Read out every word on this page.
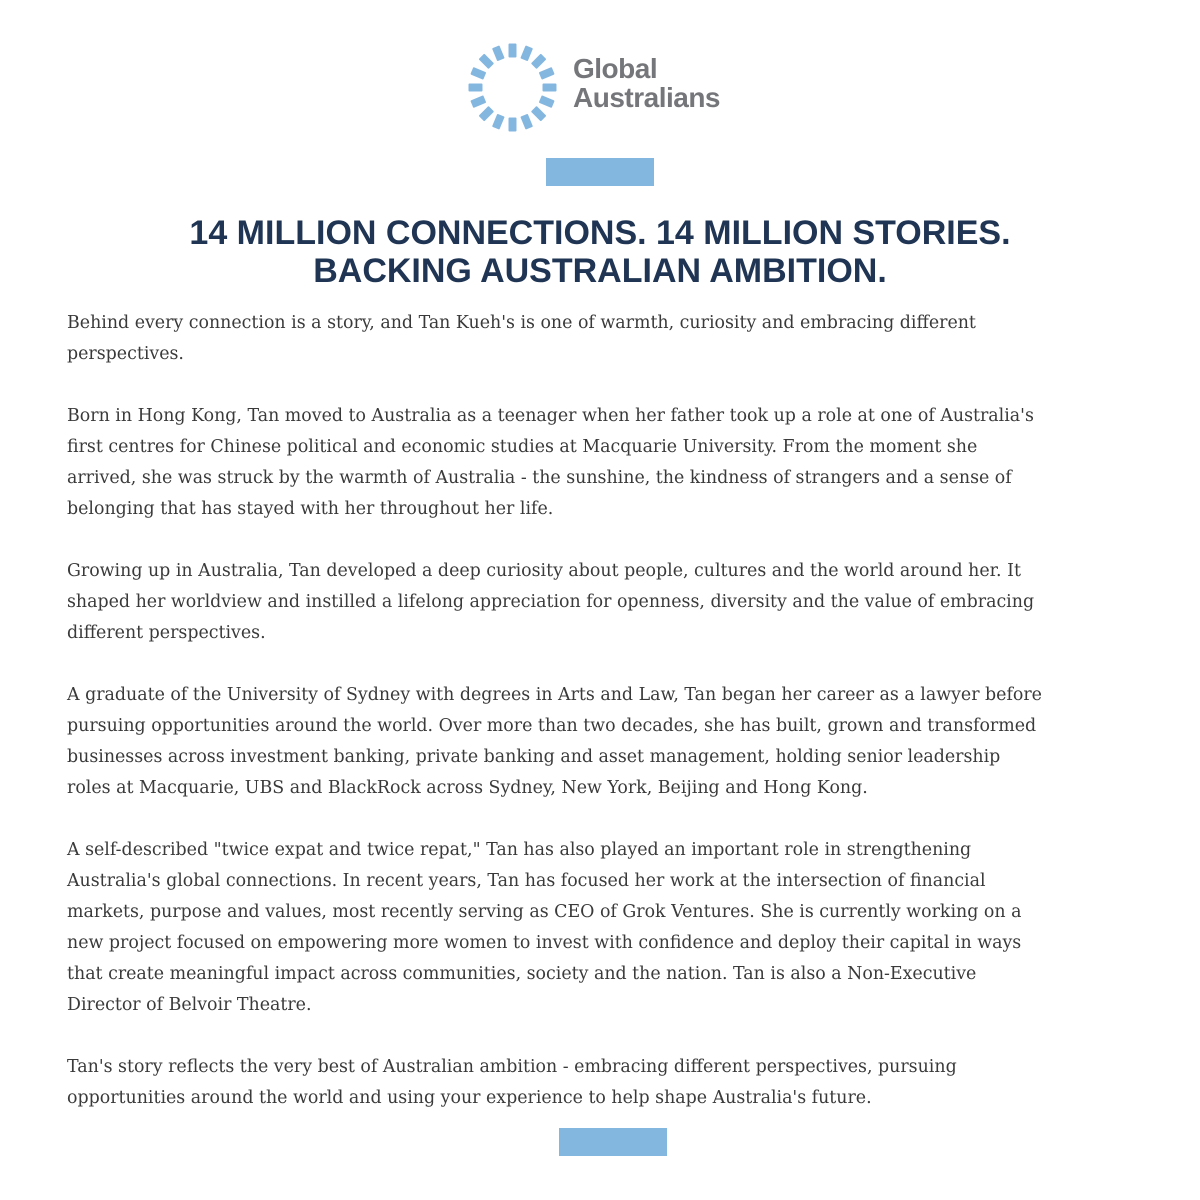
Global
Australians
14 MILLION CONNECTIONS. 14 MILLION STORIES.
BACKING AUSTRALIAN AMBITION.
Behind every connection is a story, and Tan Kueh's is one of warmth, curiosity and embracing different
perspectives.
Born in Hong Kong, Tan moved to Australia as a teenager when her father took up a role at one of Australia's
first centres for Chinese political and economic studies at Macquarie University. From the moment she
arrived, she was struck by the warmth of Australia - the sunshine, the kindness of strangers and a sense of
belonging that has stayed with her throughout her life.
Growing up in Australia, Tan developed a deep curiosity about people, cultures and the world around her. It
shaped her worldview and instilled a lifelong appreciation for openness, diversity and the value of embracing
different perspectives.
A graduate of the University of Sydney with degrees in Arts and Law, Tan began her career as a lawyer before
pursuing opportunities around the world. Over more than two decades, she has built, grown and transformed
businesses across investment banking, private banking and asset management, holding senior leadership
roles at Macquarie, UBS and BlackRock across Sydney, New York, Beijing and Hong Kong.
A self-described "twice expat and twice repat," Tan has also played an important role in strengthening
Australia's global connections. In recent years, Tan has focused her work at the intersection of financial
markets, purpose and values, most recently serving as CEO of Grok Ventures. She is currently working on a
new project focused on empowering more women to invest with confidence and deploy their capital in ways
that create meaningful impact across communities, society and the nation. Tan is also a Non-Executive
Director of Belvoir Theatre.
Tan's story reflects the very best of Australian ambition - embracing different perspectives, pursuing
opportunities around the world and using your experience to help shape Australia's future.
